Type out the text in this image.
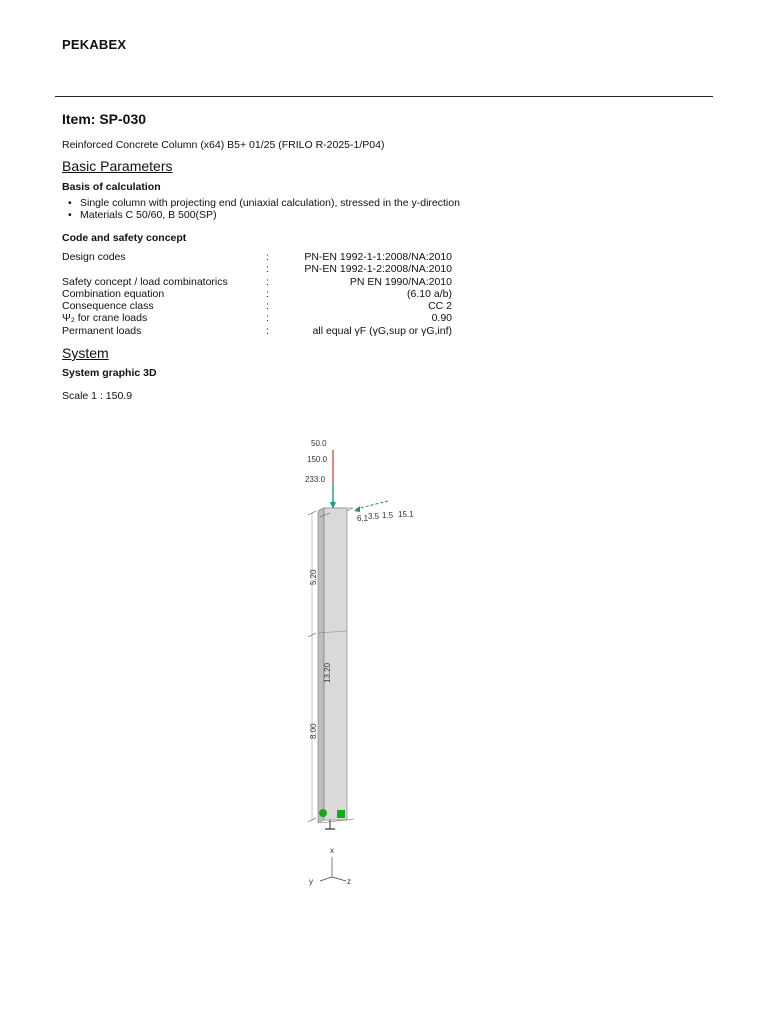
PEKABEX
Item: SP-030
Reinforced Concrete Column (x64) B5+ 01/25 (FRILO R-2025-1/P04)
Basic Parameters
Basis of calculation
• Single column with projecting end (uniaxial calculation), stressed in the y-direction
• Materials C 50/60, B 500(SP)
Code and safety concept
Design codes	:	PN-EN 1992-1-1:2008/NA:2010
	:	PN-EN 1992-1-2:2008/NA:2010
Safety concept / load combinatorics	:	PN EN 1990/NA:2010
Combination equation	:	(6.10 a/b)
Consequence class	:	CC 2
Ψ₂ for crane loads	:	0.90
Permanent loads	:	all equal γF (γG,sup or γG,inf)
System
System graphic 3D
Scale 1 : 150.9
50.0
150.0
233.0
6.1 3.5 1.5 15.1
5.20
13.20
8.00
x
y	z
